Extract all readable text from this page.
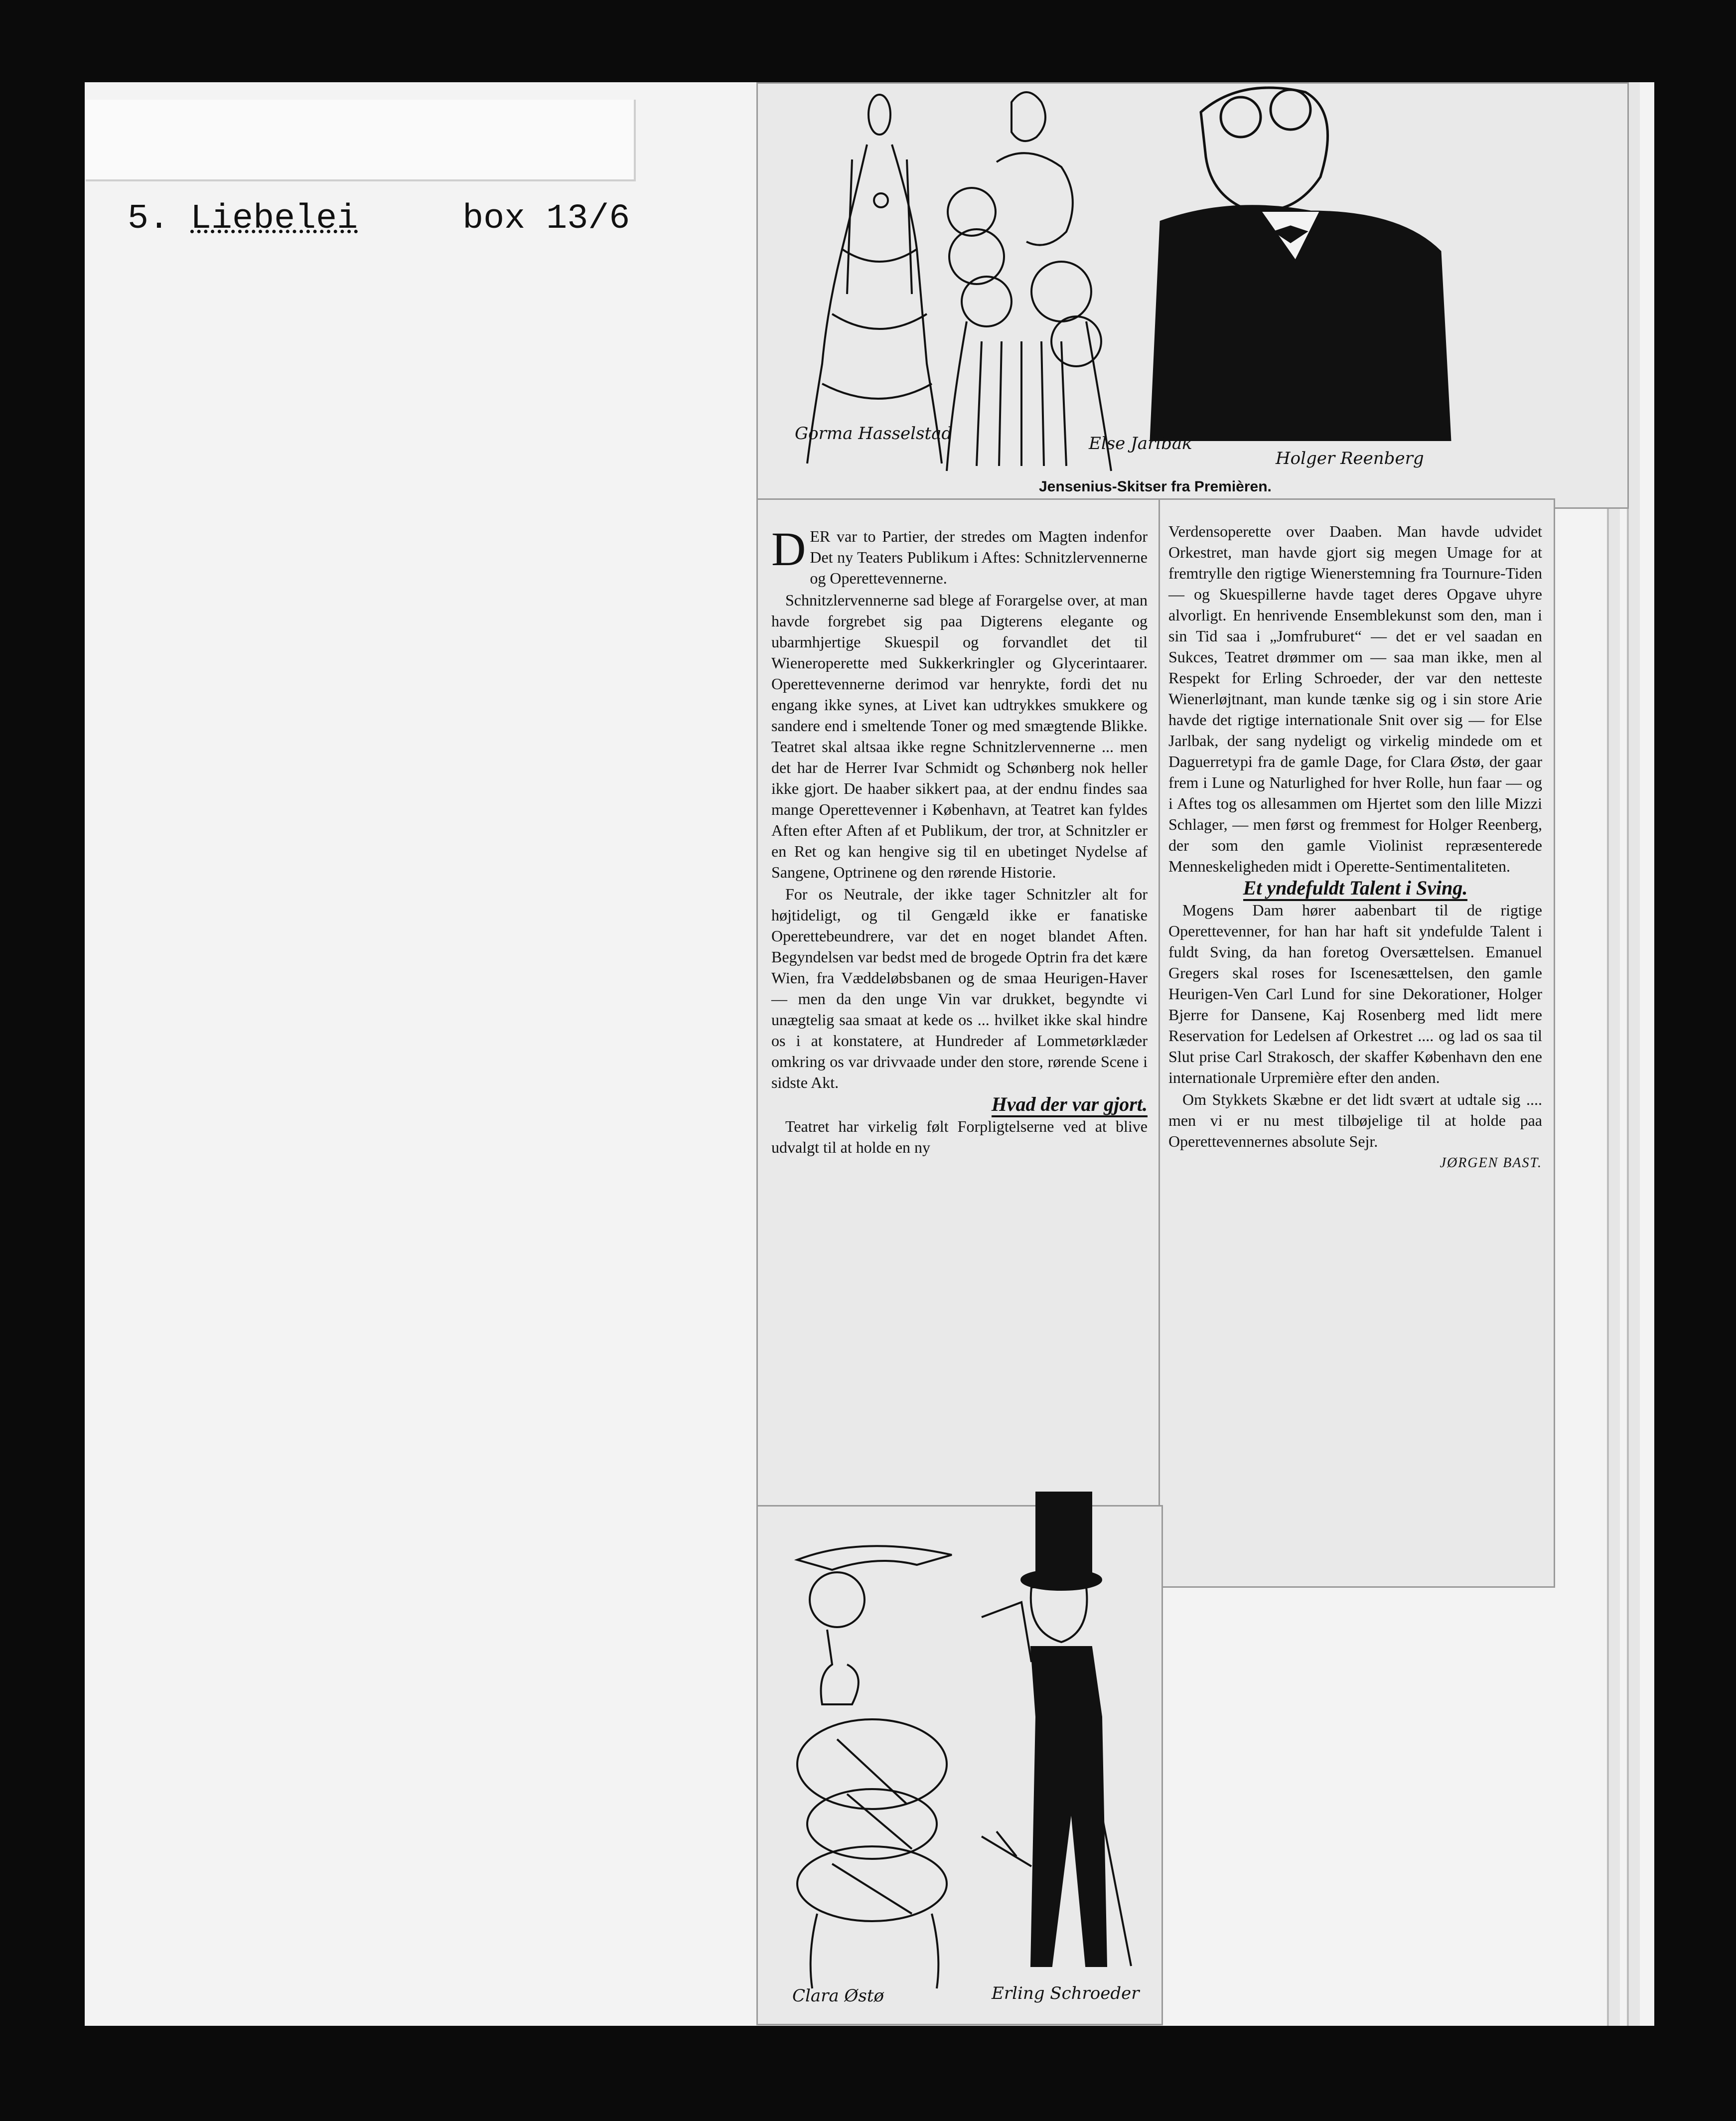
5. Liebelei	box 13/6

Gorma Hasselstad	Else Jarlbak
Holger Reenberg
Jensenius-Skitser fra Premièren.

DER var to Partier, der stredes om Magten indenfor Det ny Teaters Publikum i Aftes: Schnitzlervennerne og Operettevennerne.

Schnitzlervennerne sad blege af Forargelse over, at man havde forgrebet sig paa Digterens elegante og ubarmhjertige Skuespil og forvandlet det til Wieneroperette med Sukkerkringler og Glycerintaarer. Operettevennerne derimod var henrykte, fordi det nu engang ikke synes, at Livet kan udtrykkes smukkere og sandere end i smeltende Toner og med smægtende Blikke. Teatret skal altsaa ikke regne Schnitzlervennerne ... men det har de Herrer Ivar Schmidt og Schønberg nok heller ikke gjort. De haaber sikkert paa, at der endnu findes saa mange Operettevenner i København, at Teatret kan fyldes Aften efter Aften af et Publikum, der tror, at Schnitzler er en Ret og kan hengive sig til en ubetinget Nydelse af Sangene, Optrinene og den rørende Historie.

For os Neutrale, der ikke tager Schnitzler alt for højtideligt, og til Gengæld ikke er fanatiske Operettebeundrere, var det en noget blandet Aften. Begyndelsen var bedst med de brogede Optrin fra det kære Wien, fra Væddeløbsbanen og de smaa Heurigen-Haver — men da den unge Vin var drukket, begyndte vi unægtelig saa smaat at kede os ... hvilket ikke skal hindre os i at konstatere, at Hundreder af Lommetørklæder omkring os var drivvaade under den store, rørende Scene i sidste Akt.

Hvad der var gjort.

Teatret har virkelig følt Forpligtelserne ved at blive udvalgt til at holde en ny

Verdensoperette over Daaben. Man havde udvidet Orkestret, man havde gjort sig megen Umage for at fremtrylle den rigtige Wienerstemning fra Tournure-Tiden — og Skuespillerne havde taget deres Opgave uhyre alvorligt. En henrivende Ensemblekunst som den, man i sin Tid saa i „Jomfruburet“ — det er vel saadan en Sukces, Teatret drømmer om — saa man ikke, men al Respekt for Erling Schroeder, der var den netteste Wienerløjtnant, man kunde tænke sig og i sin store Arie havde det rigtige internationale Snit over sig — for Else Jarlbak, der sang nydeligt og virkelig mindede om et Daguerretypi fra de gamle Dage, for Clara Østø, der gaar frem i Lune og Naturlighed for hver Rolle, hun faar — og i Aftes tog os allesammen om Hjertet som den lille Mizzi Schlager, — men først og fremmest for Holger Reenberg, der som den gamle Violinist repræsenterede Menneskeligheden midt i Operette-Sentimentaliteten.

Et yndefuldt Talent i Sving.

Mogens Dam hører aabenbart til de rigtige Operettevenner, for han har haft sit yndefulde Talent i fuldt Sving, da han foretog Oversættelsen. Emanuel Gregers skal roses for Iscenesættelsen, den gamle Heurigen-Ven Carl Lund for sine Dekorationer, Holger Bjerre for Dansene, Kaj Rosenberg med lidt mere Reservation for Ledelsen af Orkestret .... og lad os saa til Slut prise Carl Strakosch, der skaffer København den ene internationale Urpremière efter den anden.

Om Stykkets Skæbne er det lidt svært at udtale sig .... men vi er nu mest tilbøjelige til at holde paa Operettevennernes absolute Sejr.

JØRGEN BAST.

Clara Østø	Erling Schroeder
